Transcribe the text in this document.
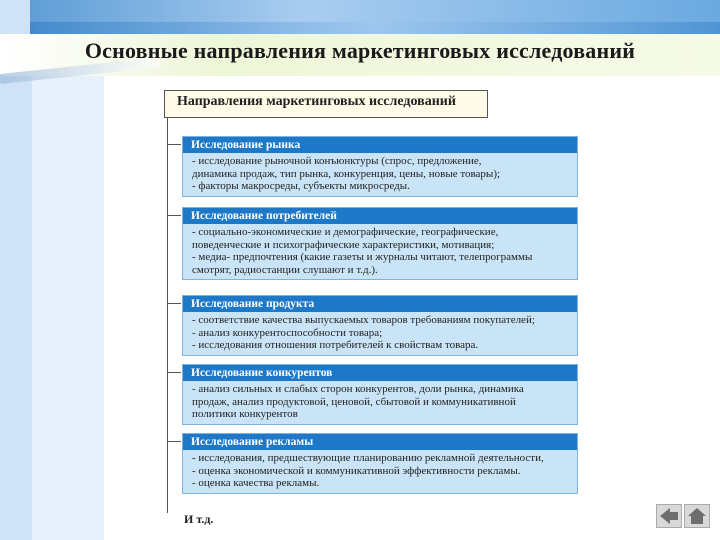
Основные направления маркетинговых исследований
Направления маркетинговых исследований
Исследование рынка
- исследование рыночной конъюнктуры (спрос, предложение,
динамика продаж, тип рынка, конкуренция, цены, новые товары);
- факторы макросреды, субъекты микросреды.
Исследование потребителей
- социально-экономические и демографические, географические,
поведенческие и психографические характеристики, мотивация;
- медиа- предпочтения (какие газеты и журналы читают, телепрограммы
смотрят, радиостанции слушают и т.д.).
Исследование продукта
- соответствие качества выпускаемых товаров требованиям покупателей;
- анализ конкурентоспособности товара;
- исследования отношения потребителей к свойствам товара.
Исследование конкурентов
- анализ сильных и слабых сторон конкурентов, доли рынка, динамика
продаж, анализ продуктовой, ценовой, сбытовой и коммуникативной
политики конкурентов
Исследование рекламы
- исследования, предшествующие планированию рекламной деятельности,
- оценка экономической и коммуникативной эффективности рекламы.
- оценка качества рекламы.
И т.д.
